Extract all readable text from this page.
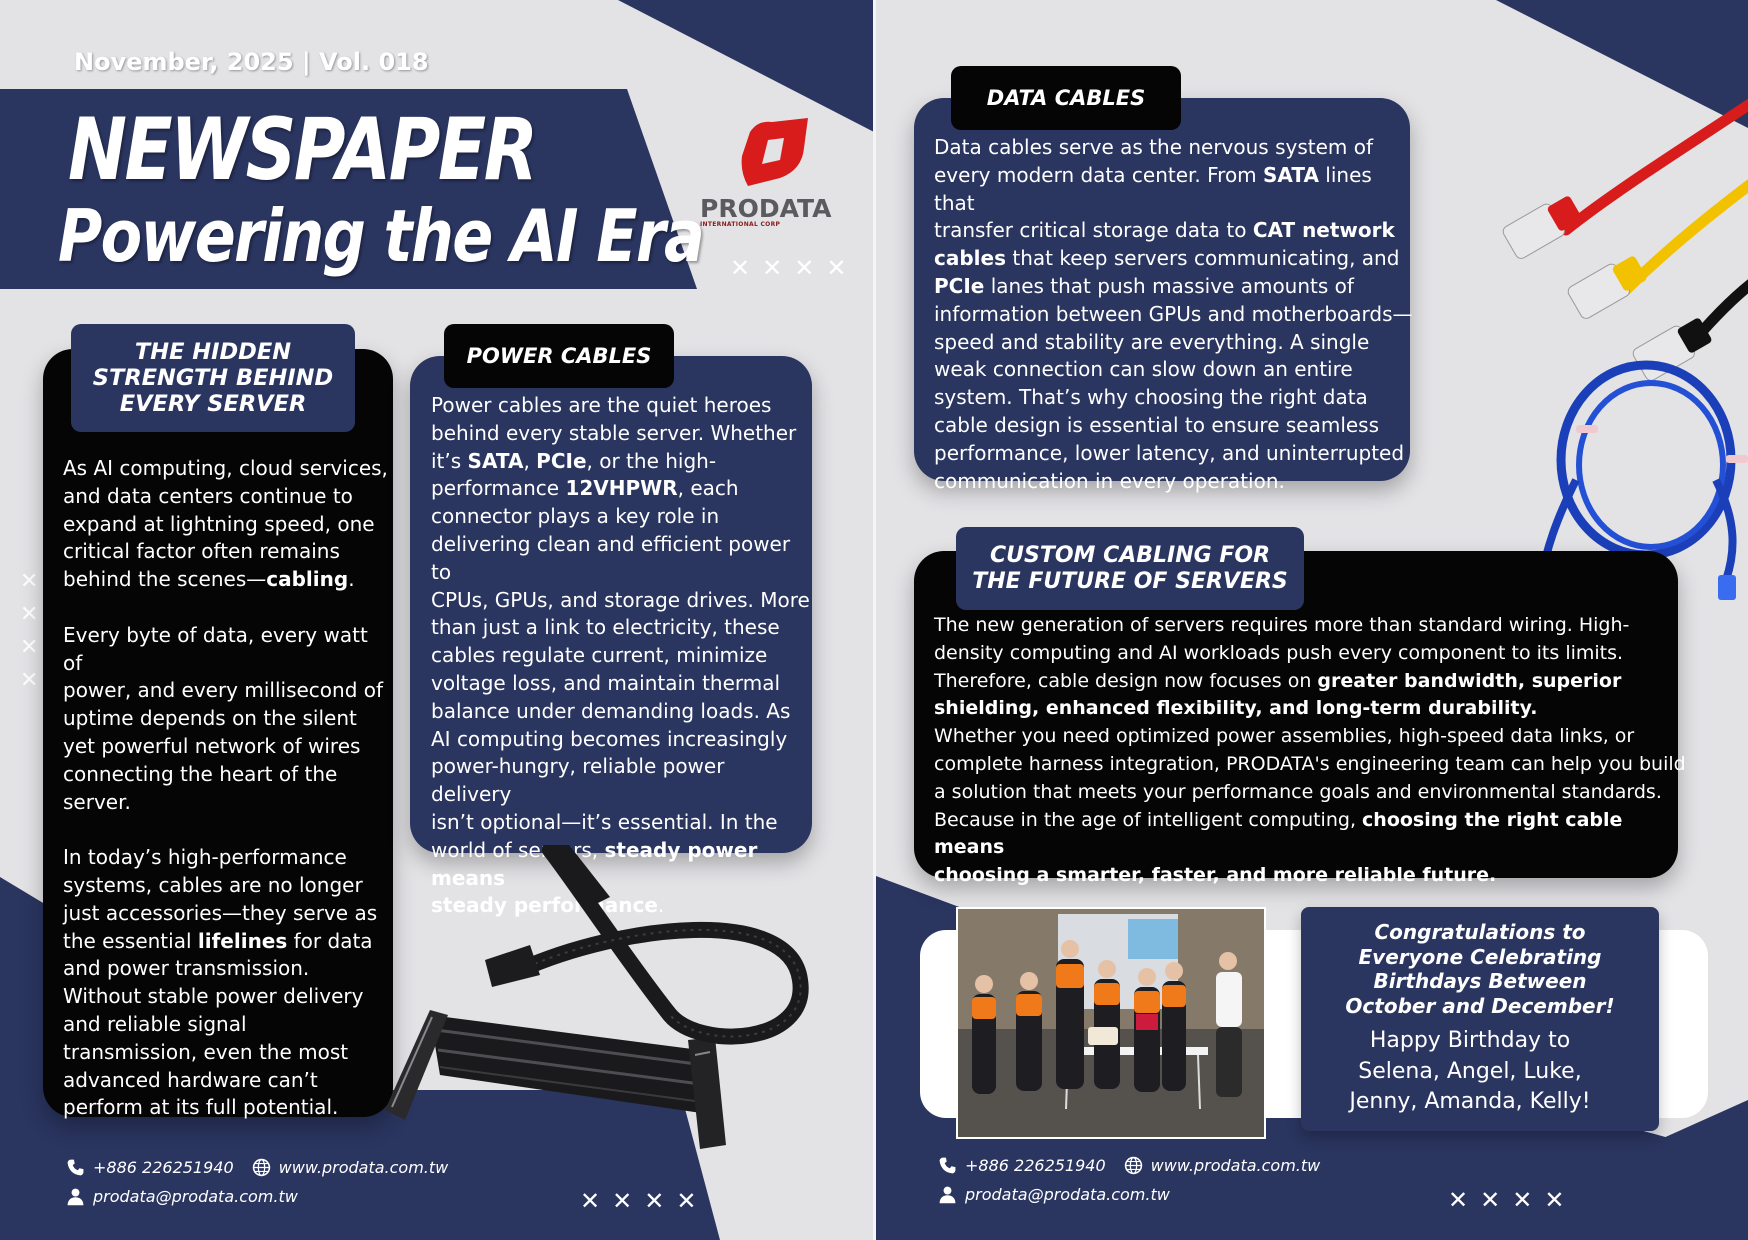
November, 2025 | Vol. 018
NEWSPAPER
Powering the AI Era
PRODATA
INTERNATIONAL CORP
✕✕✕✕
✕
✕
✕
✕
THE HIDDEN
STRENGTH BEHIND
EVERY SERVER
As AI computing, cloud services,
and data centers continue to
expand at lightning speed, one
critical factor often remains
behind the scenes—cabling.
Every byte of data, every watt of
power, and every millisecond of
uptime depends on the silent
yet powerful network of wires
connecting the heart of the
server.
In today’s high-performance
systems, cables are no longer
just accessories—they serve as
the essential lifelines for data
and power transmission.
Without stable power delivery
and reliable signal
transmission, even the most
advanced hardware can’t
perform at its full potential.
POWER CABLES
Power cables are the quiet heroes
behind every stable server. Whether
it’s SATA, PCIe, or the high-
performance 12VHPWR, each
connector plays a key role in
delivering clean and efficient power to
CPUs, GPUs, and storage drives. More
than just a link to electricity, these
cables regulate current, minimize
voltage loss, and maintain thermal
balance under demanding loads. As
AI computing becomes increasingly
power-hungry, reliable power delivery
isn’t optional—it’s essential. In the
world of servers, steady power means
steady performance.
✕✕✕✕
+886 226251940	www.prodata.com.tw
prodata@prodata.com.tw
DATA CABLES
Data cables serve as the nervous system of
every modern data center. From SATA lines that
transfer critical storage data to CAT network
cables that keep servers communicating, and
PCIe lanes that push massive amounts of
information between GPUs and motherboards—
speed and stability are everything. A single
weak connection can slow down an entire
system. That’s why choosing the right data
cable design is essential to ensure seamless
performance, lower latency, and uninterrupted
communication in every operation.
CUSTOM CABLING FOR
THE FUTURE OF SERVERS
The new generation of servers requires more than standard wiring. High-
density computing and AI workloads push every component to its limits.
Therefore, cable design now focuses on greater bandwidth, superior
shielding, enhanced flexibility, and long-term durability.
Whether you need optimized power assemblies, high-speed data links, or
complete harness integration, PRODATA's engineering team can help you build
a solution that meets your performance goals and environmental standards.
Because in the age of intelligent computing, choosing the right cable means
choosing a smarter, faster, and more reliable future.
Congratulations to
Everyone Celebrating
Birthdays Between
October and December!
Happy Birthday to
Selena, Angel, Luke,
Jenny, Amanda, Kelly!
✕✕✕✕
+886 226251940	www.prodata.com.tw
prodata@prodata.com.tw
